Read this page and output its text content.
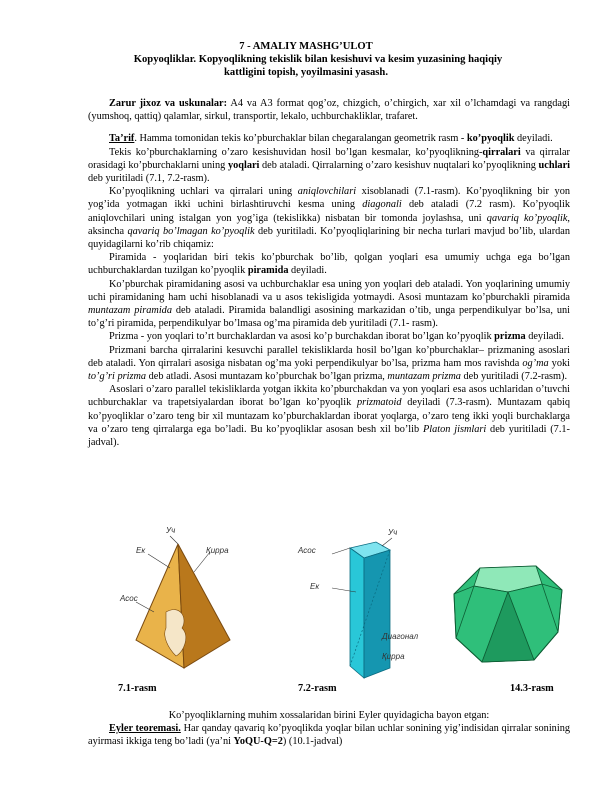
7 - AMALIY MASHG’ULOT
Kopyoqliklar. Kopyoqlikning tekislik bilan kesishuvi va kesim yuzasining haqiqiy
kattligini topish, yoyilmasini yasash.

Zarur jixoz va uskunalar: A4 va A3 format qog’oz, chizgich, o’chirgich, xar xil o’lchamdagi va rangdagi (yumshoq, qattiq) qalamlar, sirkul, transportir, lekalo, uchburchakliklar, trafaret.

Ta’rif. Hamma tomonidan tekis ko’pburchaklar bilan chegaralangan geometrik rasm - ko’pyoqlik deyiladi.

Tekis ko’pburchaklarning o’zaro kesishuvidan hosil bo’lgan kesmalar, ko’pyoqlikning-qirralari va qirralar orasidagi ko’pburchaklarni uning yoqlari deb ataladi. Qirralarning o’zaro kesishuv nuqtalari ko’pyoqlikning uchlari deb yuritiladi (7.1, 7.2-rasm).

Ko’pyoqlikning uchlari va qirralari uning aniqlovchilari xisoblanadi (7.1-rasm). Ko’pyoqlikning bir yon yog’ida yotmagan ikki uchini birlashtiruvchi kesma uning diagonali deb ataladi (7.2 rasm). Ko’pyoqlik aniqlovchilari uning istalgan yon yog’iga (tekislikka) nisbatan bir tomonda joylashsa, uni qavariq ko’pyoqlik, aksincha qavariq bo’lmagan ko’pyoqlik deb yuritiladi. Ko’pyoqliqlarining bir necha turlari mavjud bo’lib, ulardan quyidagilarni ko’rib chiqamiz:

Piramida - yoqlaridan biri tekis ko’pburchak bo’lib, qolgan yoqlari esa umumiy uchga ega bo’lgan uchburchaklardan tuzilgan ko’pyoqlik piramida deyiladi.

Ko’pburchak piramidaning asosi va uchburchaklar esa uning yon yoqlari deb ataladi. Yon yoqlarining umumiy uchi piramidaning ham uchi hisoblanadi va u asos tekisligida yotmaydi. Asosi muntazam ko’pburchakli piramida muntazam piramida deb ataladi. Piramida balandligi asosining markazidan o’tib, unga perpendikulyar bo’lsa, uni to’g’ri piramida, perpendikulyar bo’lmasa og’ma piramida deb yuritiladi (7.1- rasm).

Prizma - yon yoqlari to’rt burchaklardan va asosi ko’p burchakdan iborat bo’lgan ko’pyoqlik prizma deyiladi.

Prizmani barcha qirralarini kesuvchi parallel tekisliklarda hosil bo’lgan ko’pburchaklar– prizmaning asoslari deb ataladi. Yon qirralari asosiga nisbatan og’ma yoki perpendikulyar bo’lsa, prizma ham mos ravishda og’ma yoki to’g’ri prizma deb atladi. Asosi muntazam ko’pburchak bo’lgan prizma, muntazam prizma deb yuritiladi (7.2-rasm).

Asoslari o’zaro parallel tekisliklarda yotgan ikkita ko’pburchakdan va yon yoqlari esa asos uchlaridan o’tuvchi uchburchaklar va trapetsiyalardan iborat bo’lgan ko’pyoqlik prizmatoid deyiladi (7.3-rasm). Muntazam qabiq ko’pyoqliklar o’zaro teng bir xil muntazam ko’pburchaklardan iborat yoqlarga, o’zaro teng ikki yoqli burchaklarga va o’zaro teng qirralarga ega bo’ladi. Bu ko’pyoqliklar asosan besh xil bo’lib Platon jismlari deb yuritiladi (7.1-jadval).

Уч
Ек	Қирра
Асос
Асос
Уч
Ек
Диагонал
Қирра
7.1-rasm	7.2-rasm	14.3-rasm

Ko’pyoqliklarning muhim xossalaridan birini Eyler quyidagicha bayon etgan:

Eyler teoremasi. Har qanday qavariq ko’pyoqlikda yoqlar bilan uchlar sonining yig’indisidan qirralar sonining ayirmasi ikkiga teng bo’ladi (ya’ni YoQU-Q=2) (10.1-jadval)
